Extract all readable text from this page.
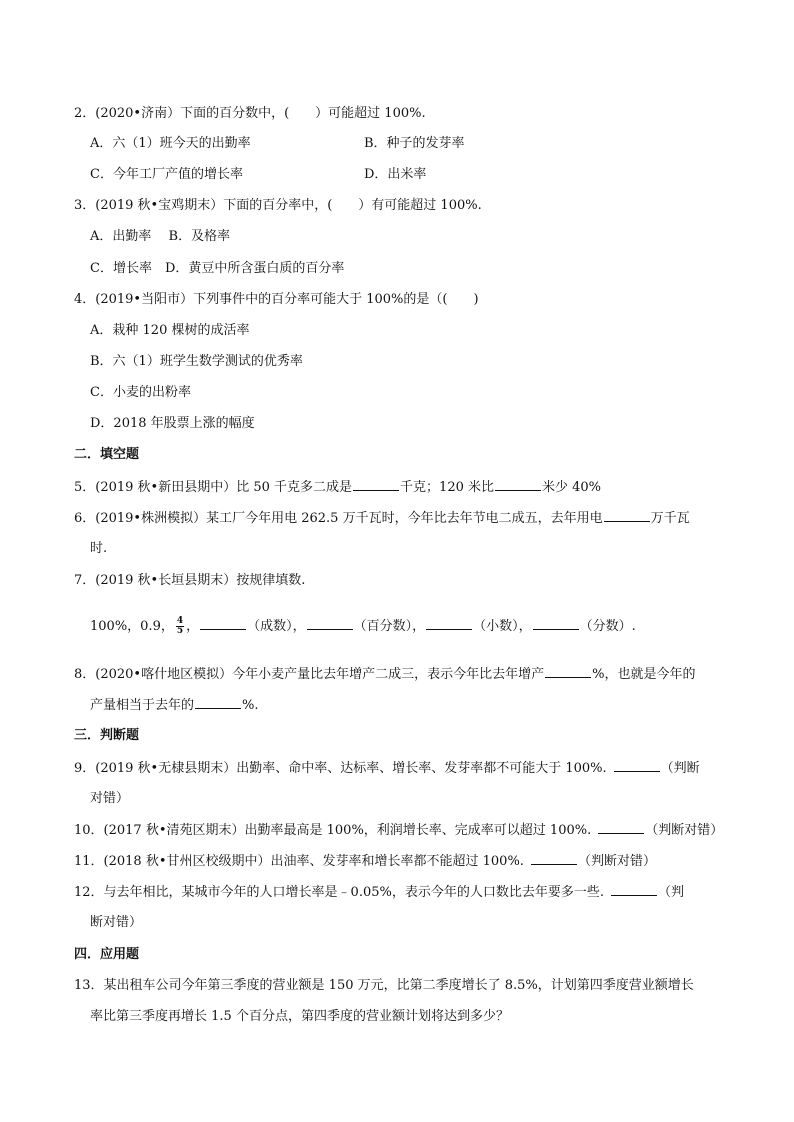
2．(2020•济南）下面的百分数中，(　　）可能超过 100%.
A．六（1）班今天的出勤率	B．种子的发芽率
C．今年工厂产值的增长率	D．出米率
3．(2019 秋•宝鸡期末）下面的百分率中，(　　）有可能超过 100%.
A．出勤率　 B．及格率
C．增长率　D．黄豆中所含蛋白质的百分率
4．(2019•当阳市）下列事件中的百分率可能大于 100%的是（(　　)
A．栽种 120 棵树的成活率
B．六（1）班学生数学测试的优秀率
C．小麦的出粉率
D．2018 年股票上涨的幅度
二．填空题
5．(2019 秋•新田县期中）比 50 千克多二成是	千克；120 米比	米少 40%
6．(2019•株洲模拟）某工厂今年用电 262.5 万千瓦时，今年比去年节电二成五，去年用电	万千瓦
时.
7．(2019 秋•长垣县期末）按规律填数.
100%，0.9， $\frac{4}{5}$ ，	（成数），	（百分数），	（小数），	（分数）.
8．(2020•喀什地区模拟）今年小麦产量比去年增产二成三，表示今年比去年增产	%，也就是今年的
产量相当于去年的	%.
三．判断题
9．(2019 秋•无棣县期末）出勤率、命中率、达标率、增长率、发芽率都不可能大于 100%.	（判断
对错）
10．(2017 秋•清苑区期末）出勤率最高是 100%，利润增长率、完成率可以超过 100%.	（判断对错）
11．(2018 秋•甘州区校级期中）出油率、发芽率和增长率都不能超过 100%.	（判断对错）
12．与去年相比，某城市今年的人口增长率是﹣0.05%，表示今年的人口数比去年要多一些.	（判
断对错）
四．应用题
13．某出租车公司今年第三季度的营业额是 150 万元，比第二季度增长了 8.5%，计划第四季度营业额增长
率比第三季度再增长 1.5 个百分点，第四季度的营业额计划将达到多少？
